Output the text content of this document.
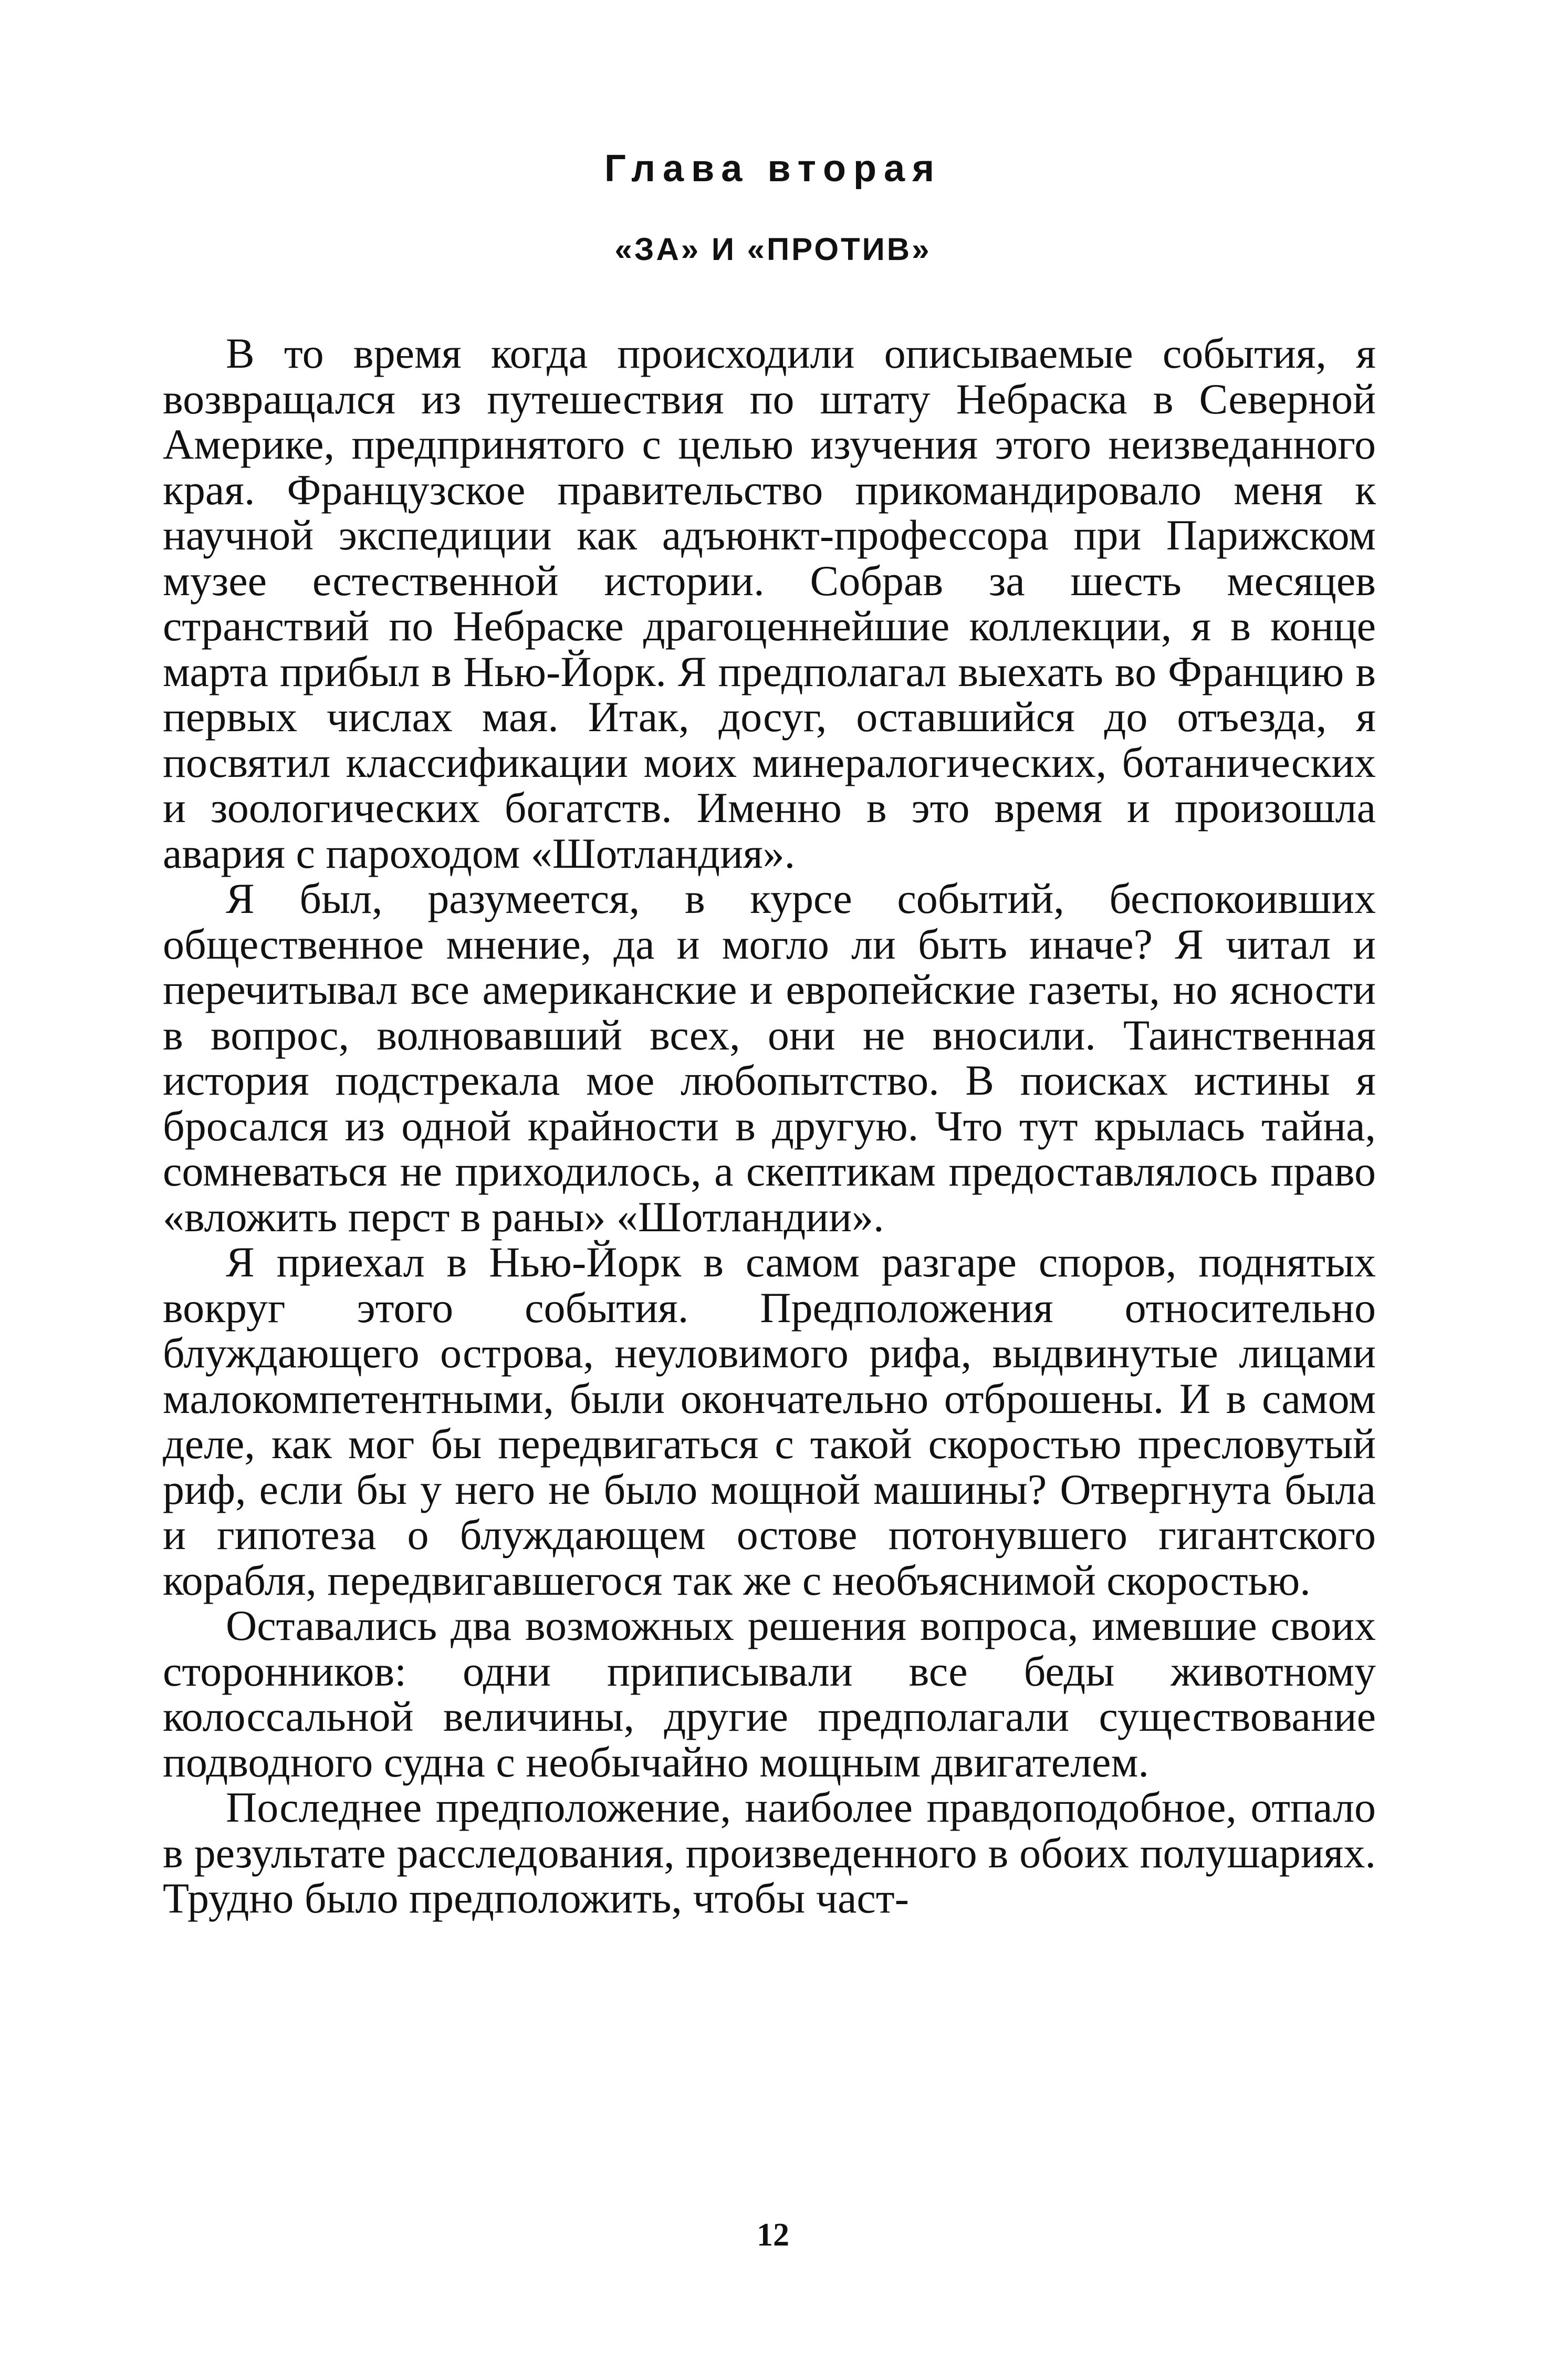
Глава вторая
«ЗА» И «ПРОТИВ»

В то время когда происходили описываемые события, я возвращался из путешествия по штату Небраска в Северной Америке, предпринятого с целью изучения этого неизведанного края. Французское правительство прикомандировало меня к научной экспедиции как адъюнкт-профессора при Парижском музее естественной истории. Собрав за шесть месяцев странствий по Небраске драгоценнейшие коллекции, я в конце марта прибыл в Нью-Йорк. Я предполагал выехать во Францию в первых числах мая. Итак, досуг, оставшийся до отъезда, я посвятил классификации моих минералогических, ботанических и зоологических богатств. Именно в это время и произошла авария с пароходом «Шотландия».

Я был, разумеется, в курсе событий, беспокоивших общественное мнение, да и могло ли быть иначе? Я читал и перечитывал все американские и европейские газеты, но ясности в вопрос, волновавший всех, они не вносили. Таинственная история подстрекала мое любопытство. В поисках истины я бросался из одной крайности в другую. Что тут крылась тайна, сомневаться не приходилось, а скептикам предоставлялось право «вложить перст в раны» «Шотландии».

Я приехал в Нью-Йорк в самом разгаре споров, поднятых вокруг этого события. Предположения относительно блуждающего острова, неуловимого рифа, выдвинутые лицами малокомпетентными, были окончательно отброшены. И в самом деле, как мог бы передвигаться с такой скоростью пресловутый риф, если бы у него не было мощной машины? Отвергнута была и гипотеза о блуждающем остове потонувшего гигантского корабля, передвигавшегося так же с необъяснимой скоростью.

Оставались два возможных решения вопроса, имевшие своих сторонников: одни приписывали все беды животному колоссальной величины, другие предполагали существование подводного судна с необычайно мощным двигателем.

Последнее предположение, наиболее правдоподобное, отпало в результате расследования, произведенного в обоих полушариях. Трудно было предположить, чтобы част-

12
